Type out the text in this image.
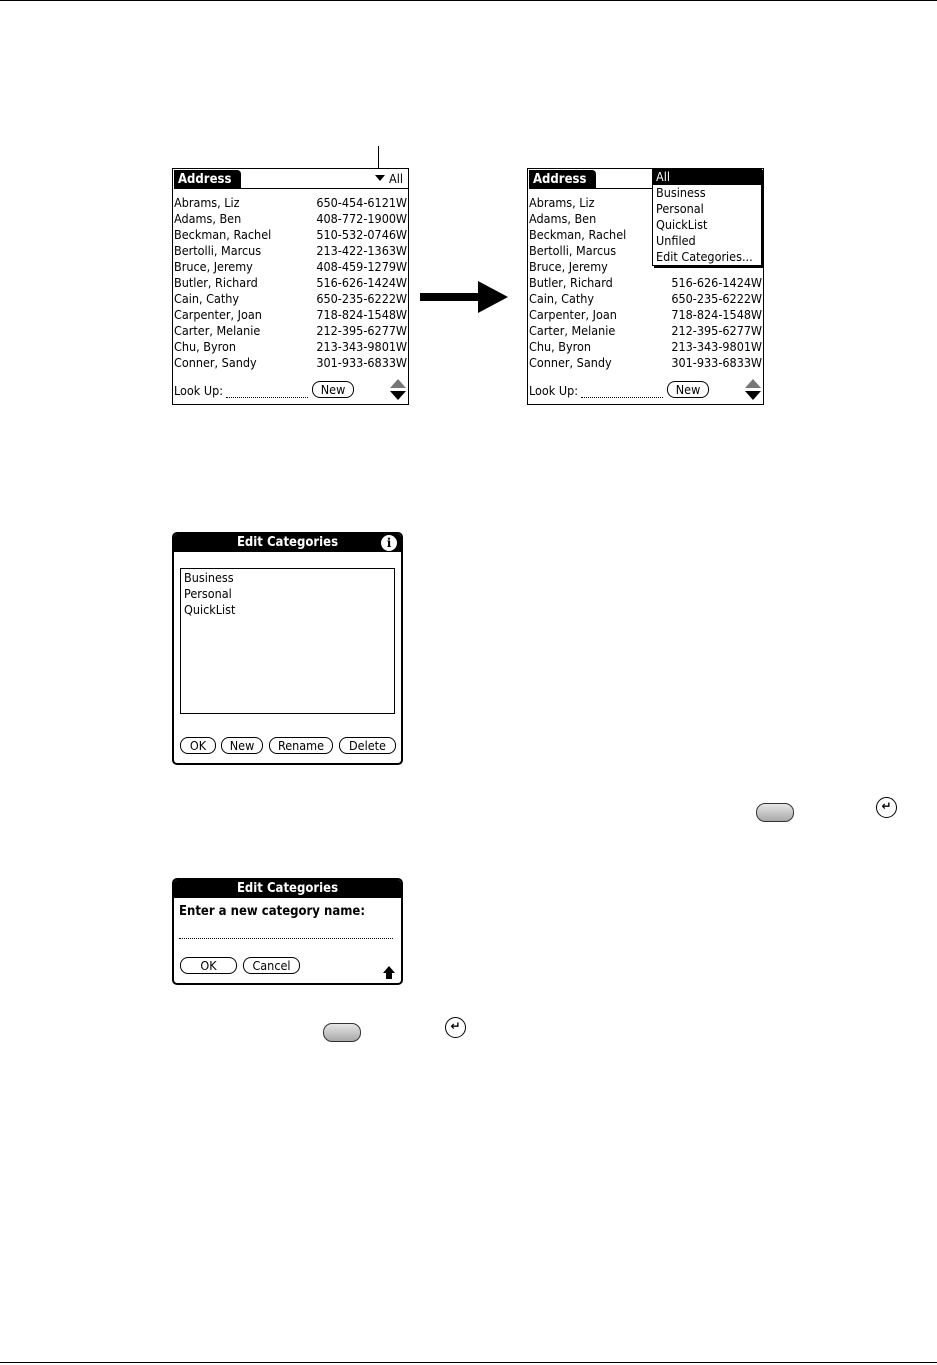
Address	All
Abrams, Liz	650-454-6121 W
Adams, Ben	408-772-1900 W
Beckman, Rachel	510-532-0746 W
Bertolli, Marcus	213-422-1363 W
Bruce, Jeremy	408-459-1279 W
Butler, Richard	516-626-1424 W
Cain, Cathy	650-235-6222 W
Carpenter, Joan	718-824-1548 W
Carter, Melanie	212-395-6277 W
Chu, Byron	213-343-9801 W
Conner, Sandy	301-933-6833 W
Look Up:	New
Address
Abrams, Liz
Adams, Ben
Beckman, Rachel
Bertolli, Marcus
Bruce, Jeremy
Butler, Richard	516-626-1424 W
Cain, Cathy	650-235-6222 W
Carpenter, Joan	718-824-1548 W
Carter, Melanie	212-395-6277 W
Chu, Byron	213-343-9801 W
Conner, Sandy	301-933-6833 W
Look Up:	New
All
Business
Personal
QuickList
Unfiled
Edit Categories...
Edit Categories	i
Business
Personal
QuickList
OK	New	Rename	Delete
↵
Edit Categories
Enter a new category name:
OK	Cancel
↵
